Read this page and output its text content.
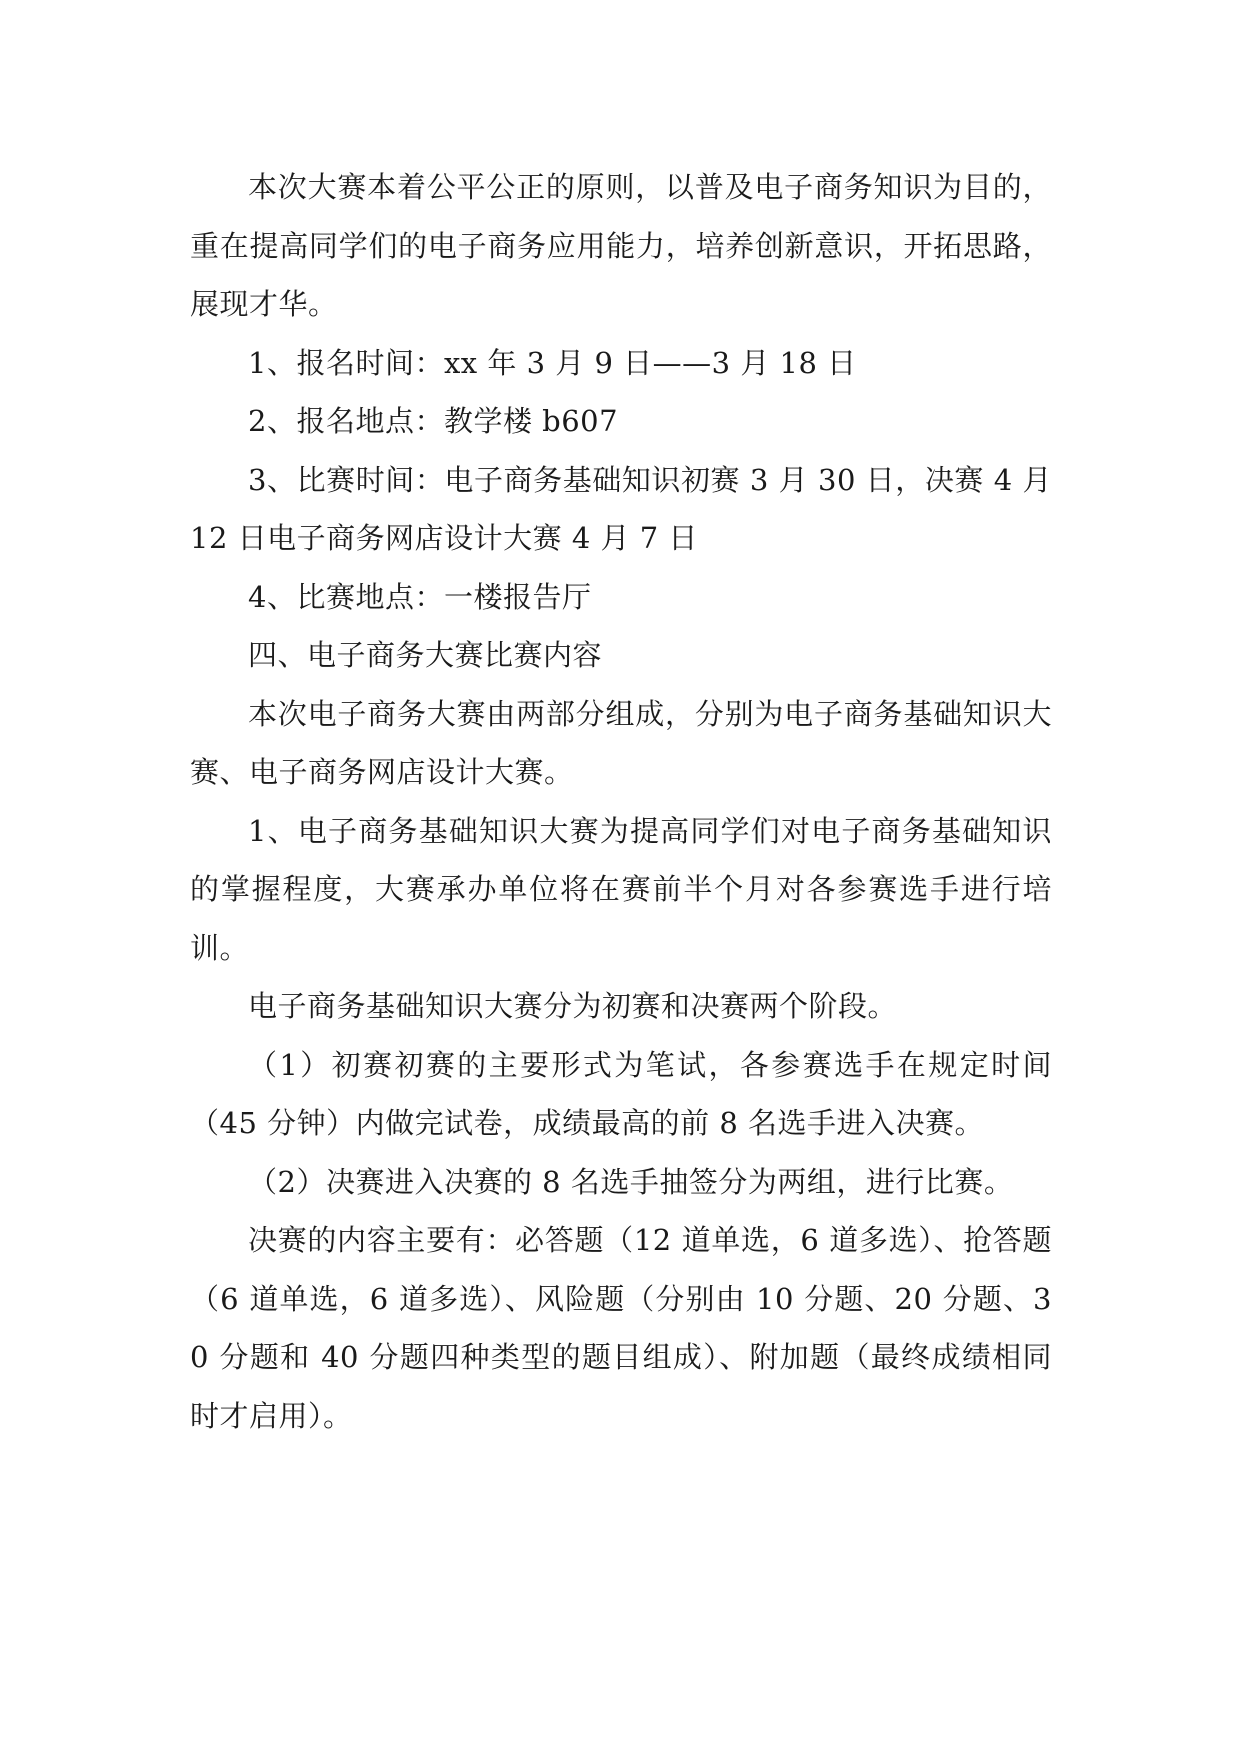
本次大赛本着公平公正的原则，以普及电子商务知识为目的，重在提高同学们的电子商务应用能力，培养创新意识，开拓思路，展现才华。

1、报名时间：xx 年 3 月 9 日——3 月 18 日

2、报名地点：教学楼 b607

3、比赛时间：电子商务基础知识初赛 3 月 30 日，决赛 4 月 12 日电子商务网店设计大赛 4 月 7 日

4、比赛地点：一楼报告厅

四、电子商务大赛比赛内容

本次电子商务大赛由两部分组成，分别为电子商务基础知识大赛、电子商务网店设计大赛。

1、电子商务基础知识大赛为提高同学们对电子商务基础知识的掌握程度，大赛承办单位将在赛前半个月对各参赛选手进行培训。

电子商务基础知识大赛分为初赛和决赛两个阶段。

（1）初赛初赛的主要形式为笔试，各参赛选手在规定时间（45 分钟）内做完试卷，成绩最高的前 8 名选手进入决赛。

（2）决赛进入决赛的 8 名选手抽签分为两组，进行比赛。

决赛的内容主要有：必答题（12 道单选，6 道多选）、抢答题（6 道单选，6 道多选）、风险题（分别由 10 分题、20 分题、30 分题和 40 分题四种类型的题目组成）、附加题（最终成绩相同时才启用）。
